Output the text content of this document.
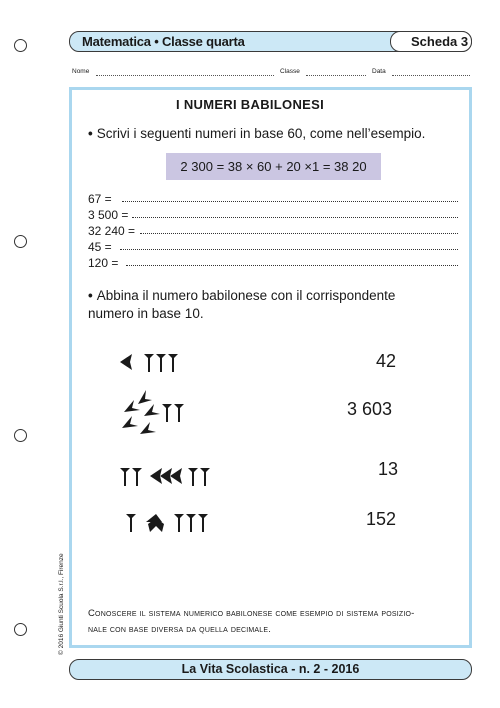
Matematica • Classe quarta	Scheda 3
Nome	Classe	Data
I NUMERI BABILONESI
• Scrivi i seguenti numeri in base 60, come nell’esempio.
2 300 = 38 × 60 + 20 ×1 = 38 20
67 =
3 500 =
32 240 =
45 =
120 =
• Abbina il numero babilonese con il corrispondente
numero in base 10.
42
3 603
13
152
Conoscere il sistema numerico babilonese come esempio di sistema posizio-
nale con base diversa da quella decimale.
La Vita Scolastica - n. 2 - 2016
© 2016 Giunti Scuola S.r.l., Firenze
